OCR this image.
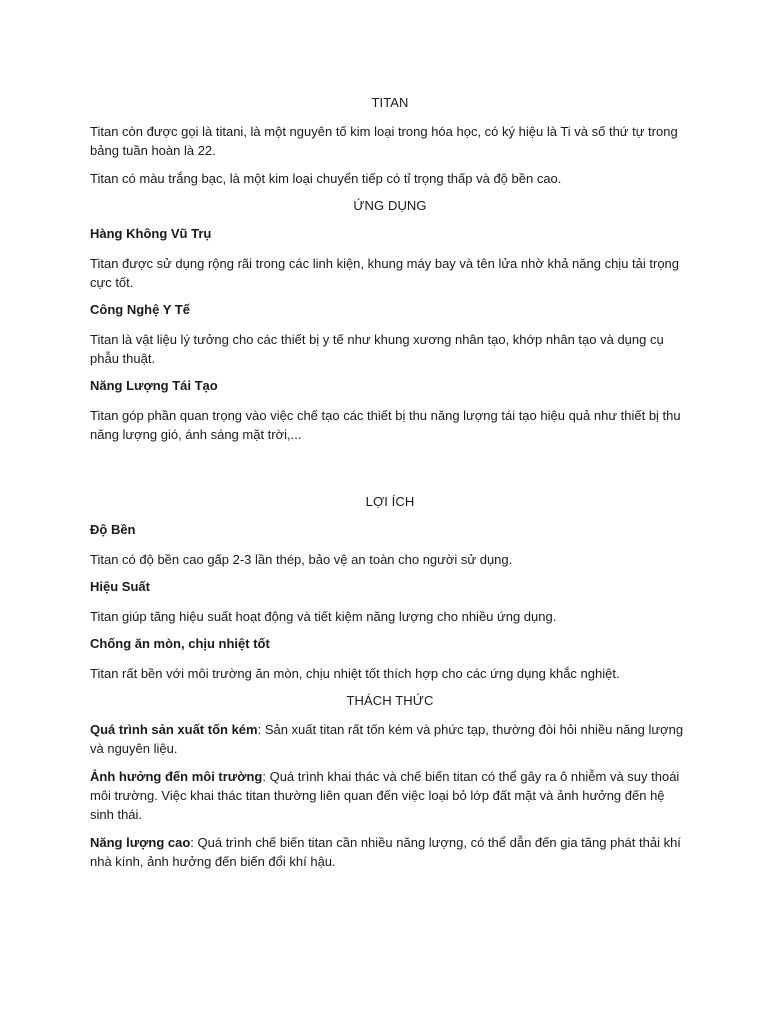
TITAN

Titan còn được gọi là titani, là một nguyên tố kim loại trong hóa học, có ký hiệu là Ti và số thứ tự trong bảng tuần hoàn là 22.

Titan có màu trắng bạc, là một kim loại chuyển tiếp có tỉ trọng thấp và độ bền cao.

ỨNG DỤNG
Hàng Không Vũ Trụ

Titan được sử dụng rộng rãi trong các linh kiện, khung máy bay và tên lửa nhờ khả năng chịu tải trọng cực tốt.

Công Nghệ Y Tế

Titan là vật liệu lý tưởng cho các thiết bị y tế như khung xương nhân tạo, khớp nhân tạo và dụng cụ phẫu thuật.

Năng Lượng Tái Tạo

Titan góp phần quan trọng vào việc chế tạo các thiết bị thu năng lượng tái tạo hiệu quả như thiết bị thu năng lượng gió, ánh sáng mặt trời,...

LỢI ÍCH
Độ Bền

Titan có độ bền cao gấp 2-3 lần thép, bảo vệ an toàn cho người sử dụng.

Hiệu Suất

Titan giúp tăng hiệu suất hoạt động và tiết kiệm năng lượng cho nhiều ứng dụng.

Chống ăn mòn, chịu nhiệt tốt

Titan rất bền với môi trường ăn mòn, chịu nhiệt tốt thích hợp cho các ứng dụng khắc nghiệt.

THÁCH THỨC

Quá trình sản xuất tốn kém: Sản xuất titan rất tốn kém và phức tạp, thường đòi hỏi nhiều năng lượng và nguyên liệu.

Ảnh hưởng đến môi trường: Quá trình khai thác và chế biến titan có thể gây ra ô nhiễm và suy thoái môi trường. Việc khai thác titan thường liên quan đến việc loại bỏ lớp đất mặt và ảnh hưởng đến hệ sinh thái.

Năng lượng cao: Quá trình chế biến titan cần nhiều năng lượng, có thể dẫn đến gia tăng phát thải khí nhà kính, ảnh hưởng đến biến đổi khí hậu.
